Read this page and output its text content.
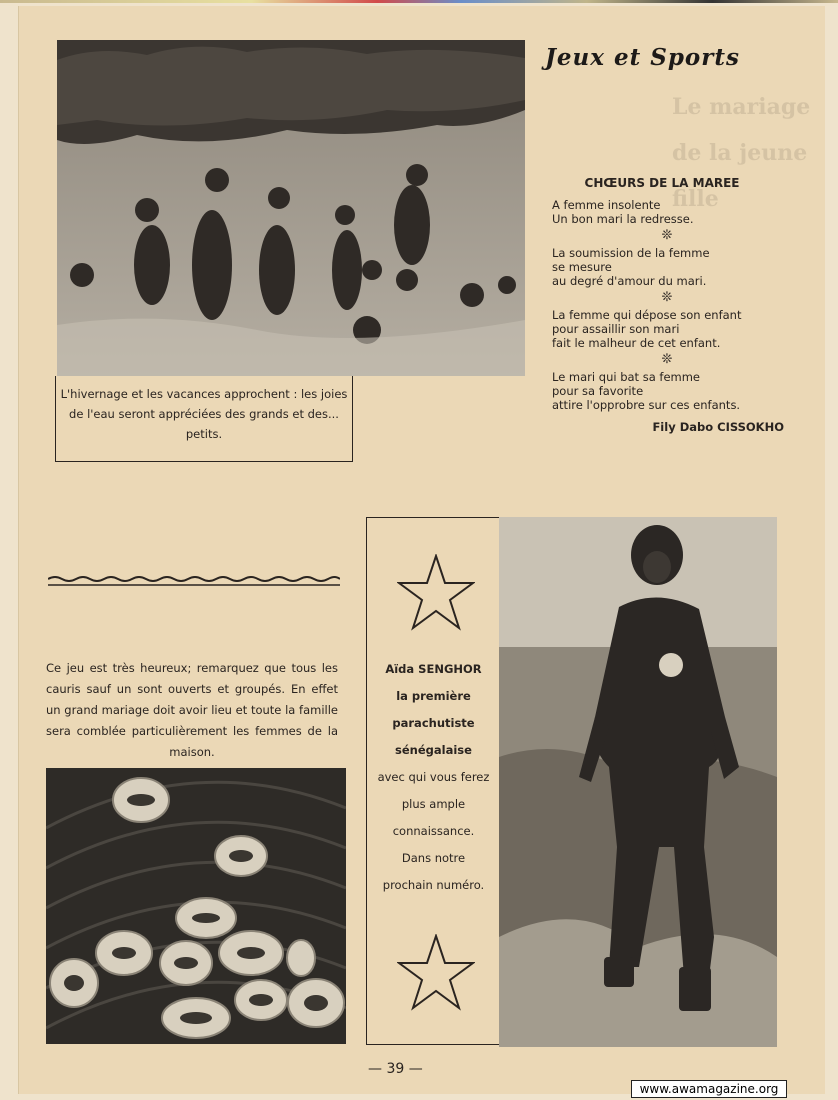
Jeux et Sports
Le mariage
de la jeune fille
CHŒURS DE LA MAREE
A femme insolente
Un bon mari la redresse.
❊
La soumission de la femme
se mesure
au degré d'amour du mari.
❊
La femme qui dépose son enfant
pour assaillir son mari
fait le malheur de cet enfant.
❊
Le mari qui bat sa femme
pour sa favorite
attire l'opprobre sur ces enfants.
Fily Dabo CISSOKHO
L'hivernage et les vacances approchent : les joies de l'eau seront appréciées des grands et des... petits.
Ce jeu est très heureux; remarquez que tous les cauris sauf un sont ouverts et groupés. En effet un grand mariage doit avoir lieu et toute la famille sera comblée particulièrement les femmes de la maison.
Aïda SENGHOR
la première
parachutiste
sénégalaise
avec qui vous ferez
plus ample
connaissance.
Dans notre
prochain numéro.
— 39 —
www.awamagazine.org
